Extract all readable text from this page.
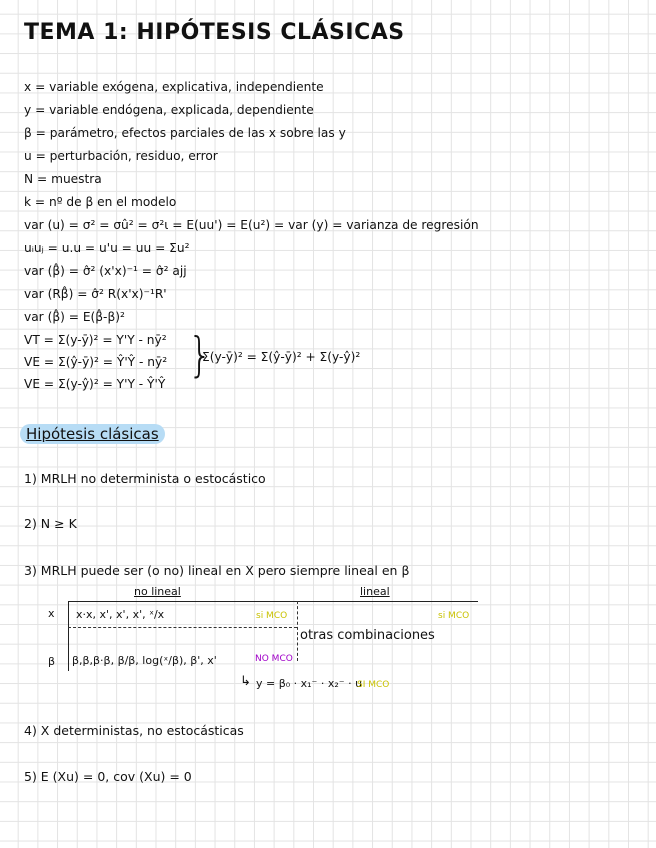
TEMA 1: HIPÓTESIS CLÁSICAS
x = variable exógena, explicativa, independiente
y = variable endógena, explicada, dependiente
β = parámetro, efectos parciales de las x sobre las y
u = perturbación, residuo, error
N = muestra
k = nº de β en el modelo
var (u) = σ² = σû² = σ²ι = E(uu') = E(u²) = var (y) = varianza de regresión
uᵢuⱼ = u.u = u'u = uu = Σu²
var (β̂) = σ̂² (x'x)⁻¹ = σ̂² ajj
var (Rβ̂) = σ̂² R(x'x)⁻¹R'
var (β̂) = E(β̂-β)²
VT = Σ(y-ȳ)² = Y'Y - nȳ²
VE = Σ(ŷ-ȳ)² = Ŷ'Ŷ - nȳ²
VE = Σ(y-ŷ)² = Y'Y - Ŷ'Ŷ
}
Σ(y-ȳ)² = Σ(ŷ-ȳ)² + Σ(y-ŷ)²
Hipótesis clásicas
1) MRLH no determinista o estocástico
2) N ≥ K
3) MRLH puede ser (o no) lineal en X pero siempre lineal en β
no lineal	lineal
x x·x, x', x', x', ˣ/x	si MCO	si MCO
otras combinaciones
β β,β,β·β, β/β, log(ˣ/β), β', x'	NO MCO
↳ y = β₀ · x₁⁻ · x₂⁻ · u
SI MCO
4) X deterministas, no estocásticas
5) E (Xu) = 0, cov (Xu) = 0
